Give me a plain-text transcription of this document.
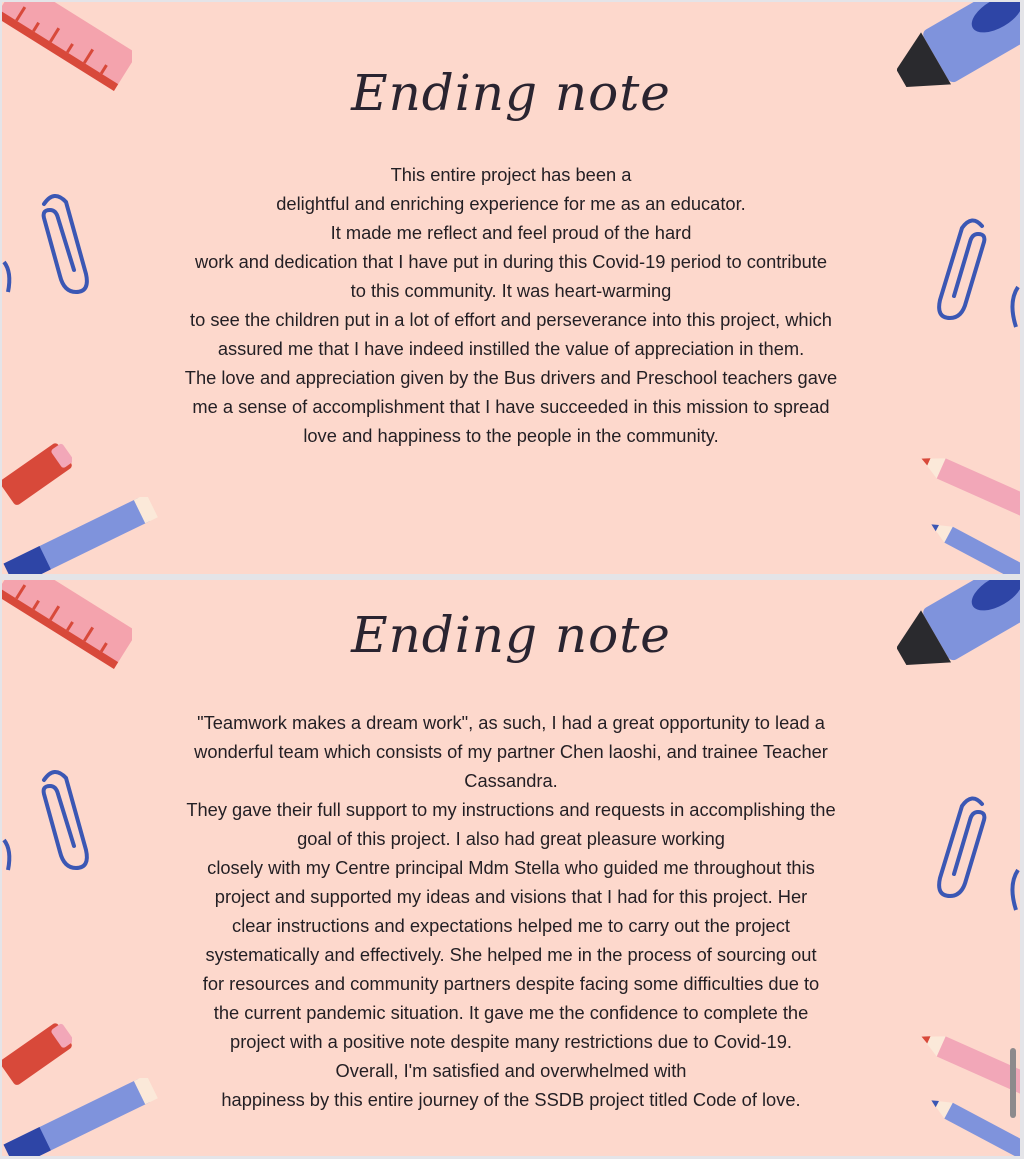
Ending note
This entire project has been a
delightful and enriching experience for me as an educator.
It made me reflect and feel proud of the hard
work and dedication that I have put in during this Covid-19 period to contribute
to this community. It was heart-warming
to see the children put in a lot of effort and perseverance into this project, which
assured me that I have indeed instilled the value of appreciation in them.
The love and appreciation given by the Bus drivers and Preschool teachers gave
me a sense of accomplishment that I have succeeded in this mission to spread
love and happiness to the people in the community.
Ending note
"Teamwork makes a dream work", as such, I had a great opportunity to lead a
wonderful team which consists of my partner Chen laoshi, and trainee Teacher
Cassandra.
They gave their full support to my instructions and requests in accomplishing the
goal of this project. I also had great pleasure working
closely with my Centre principal Mdm Stella who guided me throughout this
project and supported my ideas and visions that I had for this project. Her
clear instructions and expectations helped me to carry out the project
systematically and effectively. She helped me in the process of sourcing out
for resources and community partners despite facing some difficulties due to
the current pandemic situation. It gave me the confidence to complete the
project with a positive note despite many restrictions due to Covid-19.
Overall, I'm satisfied and overwhelmed with
happiness by this entire journey of the SSDB project titled Code of love.
